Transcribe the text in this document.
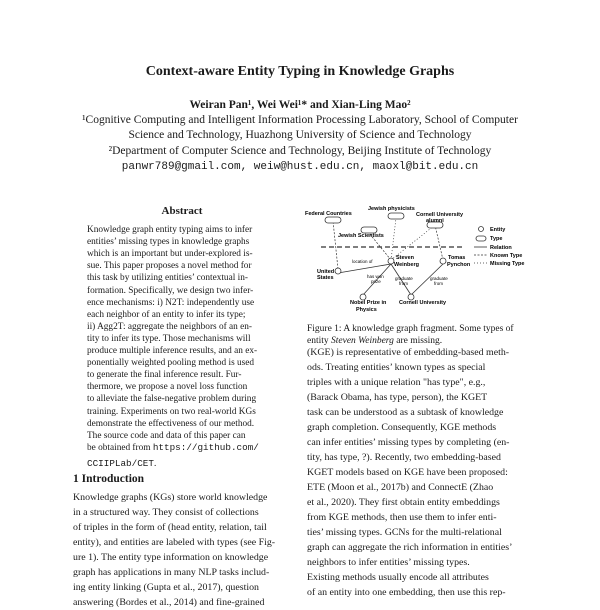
Context-aware Entity Typing in Knowledge Graphs
Weiran Pan¹, Wei Wei¹* and Xian-Ling Mao²
¹Cognitive Computing and Intelligent Information Processing Laboratory, School of Computer
Science and Technology, Huazhong University of Science and Technology
²Department of Computer Science and Technology, Beijing Institute of Technology
panwr789@gmail.com, weiw@hust.edu.cn, maoxl@bit.edu.cn
Abstract
Knowledge graph entity typing aims to infer
entities’ missing types in knowledge graphs
which is an important but under-explored is-
sue. This paper proposes a novel method for
this task by utilizing entities’ contextual in-
formation. Specifically, we design two infer-
ence mechanisms: i) N2T: independently use
each neighbor of an entity to infer its type;
ii) Agg2T: aggregate the neighbors of an en-
tity to infer its type. Those mechanisms will
produce multiple inference results, and an ex-
ponentially weighted pooling method is used
to generate the final inference result. Fur-
thermore, we propose a novel loss function
to alleviate the false-negative problem during
training. Experiments on two real-world KGs
demonstrate the effectiveness of our method.
The source code and data of this paper can
be obtained from https://github.com/
CCIIPLab/CET.
1 Introduction
Knowledge graphs (KGs) store world knowledge
in a structured way. They consist of collections
of triples in the form of (head entity, relation, tail
entity), and entities are labeled with types (see Fig-
ure 1). The entity type information on knowledge
graph has applications in many NLP tasks includ-
ing entity linking (Gupta et al., 2017), question
answering (Bordes et al., 2014) and fine-grained
Federal Countries
Jewish physicists
Cornell University
alumni
Jewish Scientists
United
States
Steven
Weinberg
Tomas
Pynchon
Nobel Prize in
Physics
Cornell University
location of
has won
prize
graduate
from
graduate
from
Entity
Type
Relation
Known Type
Missing Type
Figure 1: A knowledge graph fragment. Some types of entity Steven Weinberg are missing.
(KGE) is representative of embedding-based meth-
ods. Treating entities’ known types as special
triples with a unique relation "has type", e.g.,
(Barack Obama, has type, person), the KGET
task can be understood as a subtask of knowledge
graph completion. Consequently, KGE methods
can infer entities’ missing types by completing (en-
tity, has type, ?). Recently, two embedding-based
KGET models based on KGE have been proposed:
ETE (Moon et al., 2017b) and ConnectE (Zhao
et al., 2020). They first obtain entity embeddings
from KGE methods, then use them to infer enti-
ties’ missing types. GCNs for the multi-relational
graph can aggregate the rich information in entities’
neighbors to infer entities’ missing types.
Existing methods usually encode all attributes
of an entity into one embedding, then use this rep-
